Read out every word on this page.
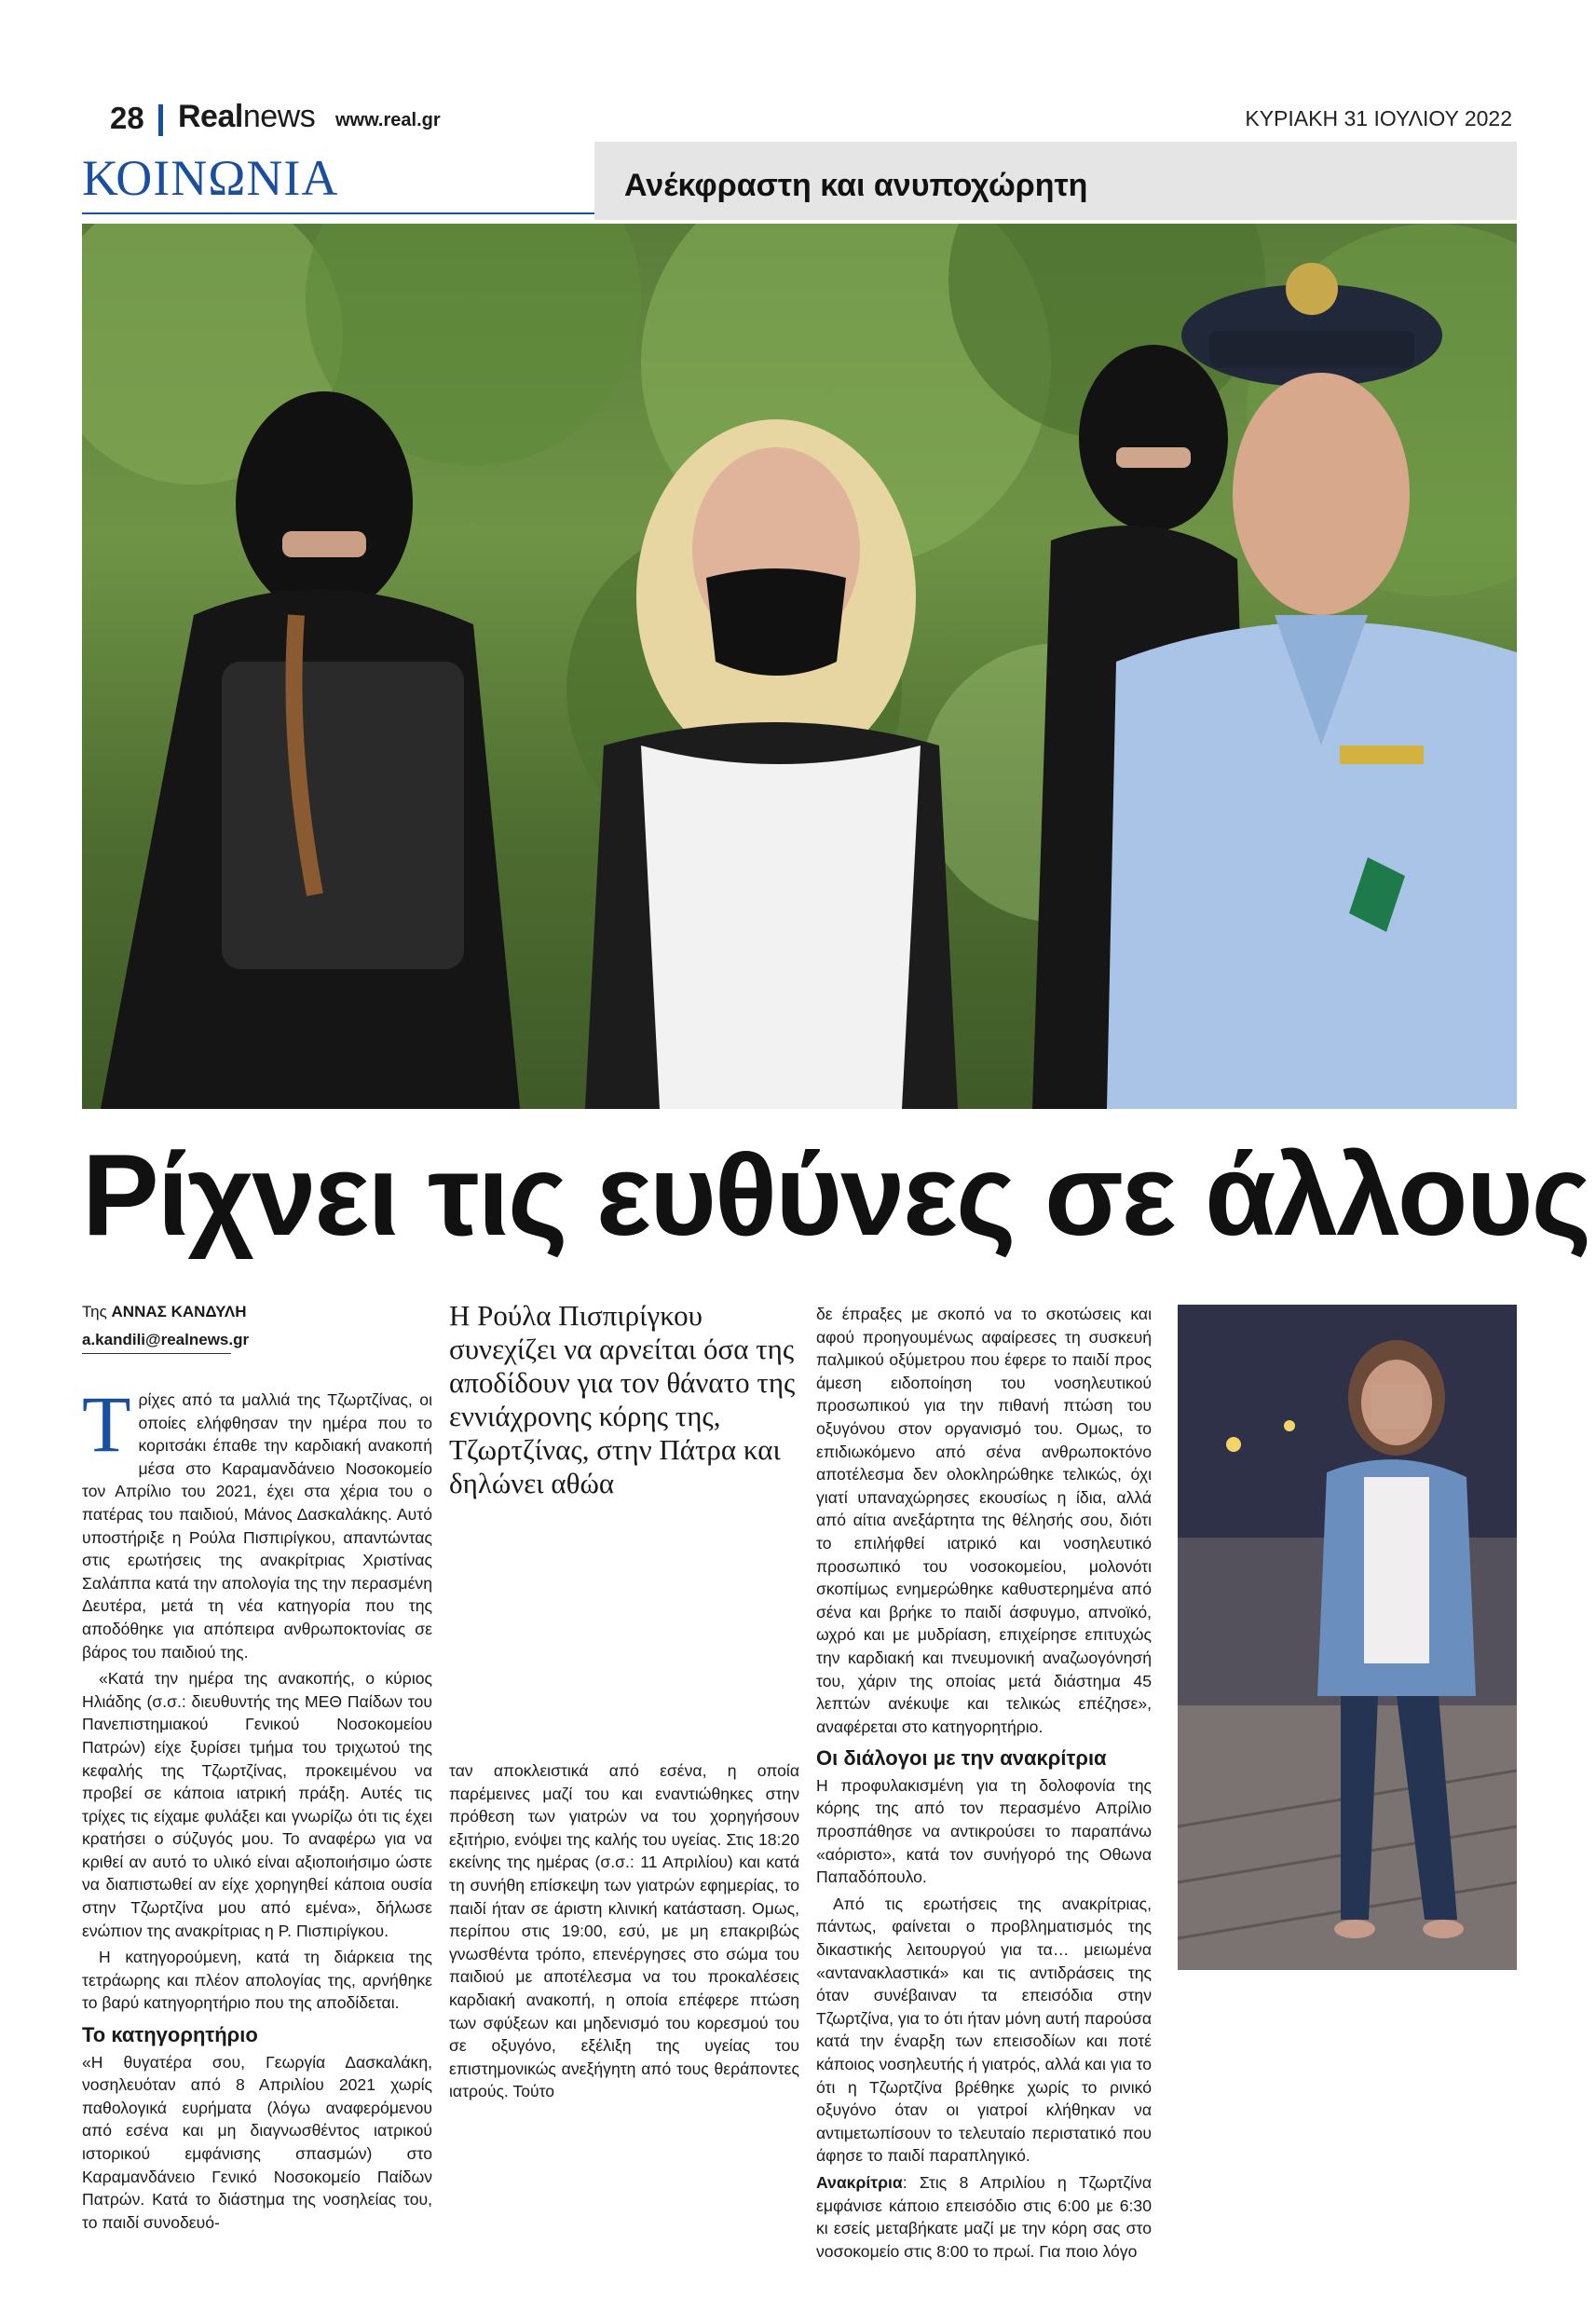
28 Realnews www.real.gr	ΚΥΡΙΑΚΗ 31 ΙΟΥΛΙΟΥ 2022
ΚΟΙΝΩΝΙΑ	Ανέκφραστη και ανυποχώρητη
Ρίχνει τις ευθύνες σε άλλους
Της ΑΝΝΑΣ ΚΑΝΔΥΛΗ
a.kandili@realnews.gr

Τρίχες από τα μαλλιά της Τζωρτζίνας, οι οποίες ελήφθησαν την ημέρα που το κοριτσάκι έπαθε την καρδιακή ανακοπή μέσα στο Καραμανδάνειο Νοσοκομείο τον Απρίλιο του 2021, έχει στα χέρια του ο πατέρας του παιδιού, Μάνος Δασκαλάκης. Αυτό υποστήριξε η Ρούλα Πισπιρίγκου, απαντώντας στις ερωτήσεις της ανακρίτριας Χριστίνας Σαλάππα κατά την απολογία της την περασμένη Δευτέρα, μετά τη νέα κατηγορία που της αποδόθηκε για απόπειρα ανθρωποκτονίας σε βάρος του παιδιού της.

«Κατά την ημέρα της ανακοπής, ο κύριος Ηλιάδης (σ.σ.: διευθυντής της ΜΕΘ Παίδων του Πανεπιστημιακού Γενικού Νοσοκομείου Πατρών) είχε ξυρίσει τμήμα του τριχωτού της κεφαλής της Τζωρτζίνας, προκειμένου να προβεί σε κάποια ιατρική πράξη. Αυτές τις τρίχες τις είχαμε φυλάξει και γνωρίζω ότι τις έχει κρατήσει ο σύζυγός μου. Το αναφέρω για να κριθεί αν αυτό το υλικό είναι αξιοποιήσιμο ώστε να διαπιστωθεί αν είχε χορηγηθεί κάποια ουσία στην Τζωρτζίνα μου από εμένα», δήλωσε ενώπιον της ανακρίτριας η Ρ. Πισπιρίγκου.

Η κατηγορούμενη, κατά τη διάρκεια της τετράωρης και πλέον απολογίας της, αρνήθηκε το βαρύ κατηγορητήριο που της αποδίδεται.

Το κατηγορητήριο

«Η θυγατέρα σου, Γεωργία Δασκαλάκη, νοσηλευόταν από 8 Απριλίου 2021 χωρίς παθολογικά ευρήματα (λόγω αναφερόμενου από εσένα και μη διαγνωσθέντος ιατρικού ιστορικού εμφάνισης σπασμών) στο Καραμανδάνειο Γενικό Νοσοκομείο Παίδων Πατρών. Κατά το διάστημα της νοσηλείας του, το παιδί συνοδευό-

Η Ρούλα Πισπιρίγκου συνεχίζει να αρνείται όσα της αποδίδουν για τον θάνατο της εννιάχρονης κόρης της, Τζωρτζίνας, στην Πάτρα και δηλώνει αθώα

ταν αποκλειστικά από εσένα, η οποία παρέμεινες μαζί του και εναντιώθηκες στην πρόθεση των γιατρών να του χορηγήσουν εξιτήριο, ενόψει της καλής του υγείας. Στις 18:20 εκείνης της ημέρας (σ.σ.: 11 Απριλίου) και κατά τη συνήθη επίσκεψη των γιατρών εφημερίας, το παιδί ήταν σε άριστη κλινική κατάσταση. Ομως, περίπου στις 19:00, εσύ, με μη επακριβώς γνωσθέντα τρόπο, επενέργησες στο σώμα του παιδιού με αποτέλεσμα να του προκαλέσεις καρδιακή ανακοπή, η οποία επέφερε πτώση των σφύξεων και μηδενισμό του κορεσμού του σε οξυγόνο, εξέλιξη της υγείας του επιστημονικώς ανεξήγητη από τους θεράποντες ιατρούς. Τούτο

δε έπραξες με σκοπό να το σκοτώσεις και αφού προηγουμένως αφαίρεσες τη συσκευή παλμικού οξύμετρου που έφερε το παιδί προς άμεση ειδοποίηση του νοσηλευτικού προσωπικού για την πιθανή πτώση του οξυγόνου στον οργανισμό του. Ομως, το επιδιωκόμενο από σένα ανθρωποκτόνο αποτέλεσμα δεν ολοκληρώθηκε τελικώς, όχι γιατί υπαναχώρησες εκουσίως η ίδια, αλλά από αίτια ανεξάρτητα της θέλησής σου, διότι το επιλήφθεί ιατρικό και νοσηλευτικό προσωπικό του νοσοκομείου, μολονότι σκοπίμως ενημερώθηκε καθυστερημένα από σένα και βρήκε το παιδί άσφυγμο, απνοϊκό, ωχρό και με μυδρίαση, επιχείρησε επιτυχώς την καρδιακή και πνευμονική αναζωογόνησή του, χάριν της οποίας μετά διάστημα 45 λεπτών ανέκυψε και τελικώς επέζησε», αναφέρεται στο κατηγορητήριο.

Οι διάλογοι με την ανακρίτρια

Η προφυλακισμένη για τη δολοφονία της κόρης της από τον περασμένο Απρίλιο προσπάθησε να αντικρούσει το παραπάνω «αόριστο», κατά τον συνήγορό της Οθωνα Παπαδόπουλο.

Από τις ερωτήσεις της ανακρίτριας, πάντως, φαίνεται ο προβληματισμός της δικαστικής λειτουργού για τα… μειωμένα «αντανακλαστικά» και τις αντιδράσεις της όταν συνέβαιναν τα επεισόδια στην Τζωρτζίνα, για το ότι ήταν μόνη αυτή παρούσα κατά την έναρξη των επεισοδίων και ποτέ κάποιος νοσηλευτής ή γιατρός, αλλά και για το ότι η Τζωρτζίνα βρέθηκε χωρίς το ρινικό οξυγόνο όταν οι γιατροί κλήθηκαν να αντιμετωπίσουν το τελευταίο περιστατικό που άφησε το παιδί παραπληγικό.

Ανακρίτρια: Στις 8 Απριλίου η Τζωρτζίνα εμφάνισε κάποιο επεισόδιο στις 6:00 με 6:30 κι εσείς μεταβήκατε μαζί με την κόρη σας στο νοσοκομείο στις 8:00 το πρωί. Για ποιο λόγο
